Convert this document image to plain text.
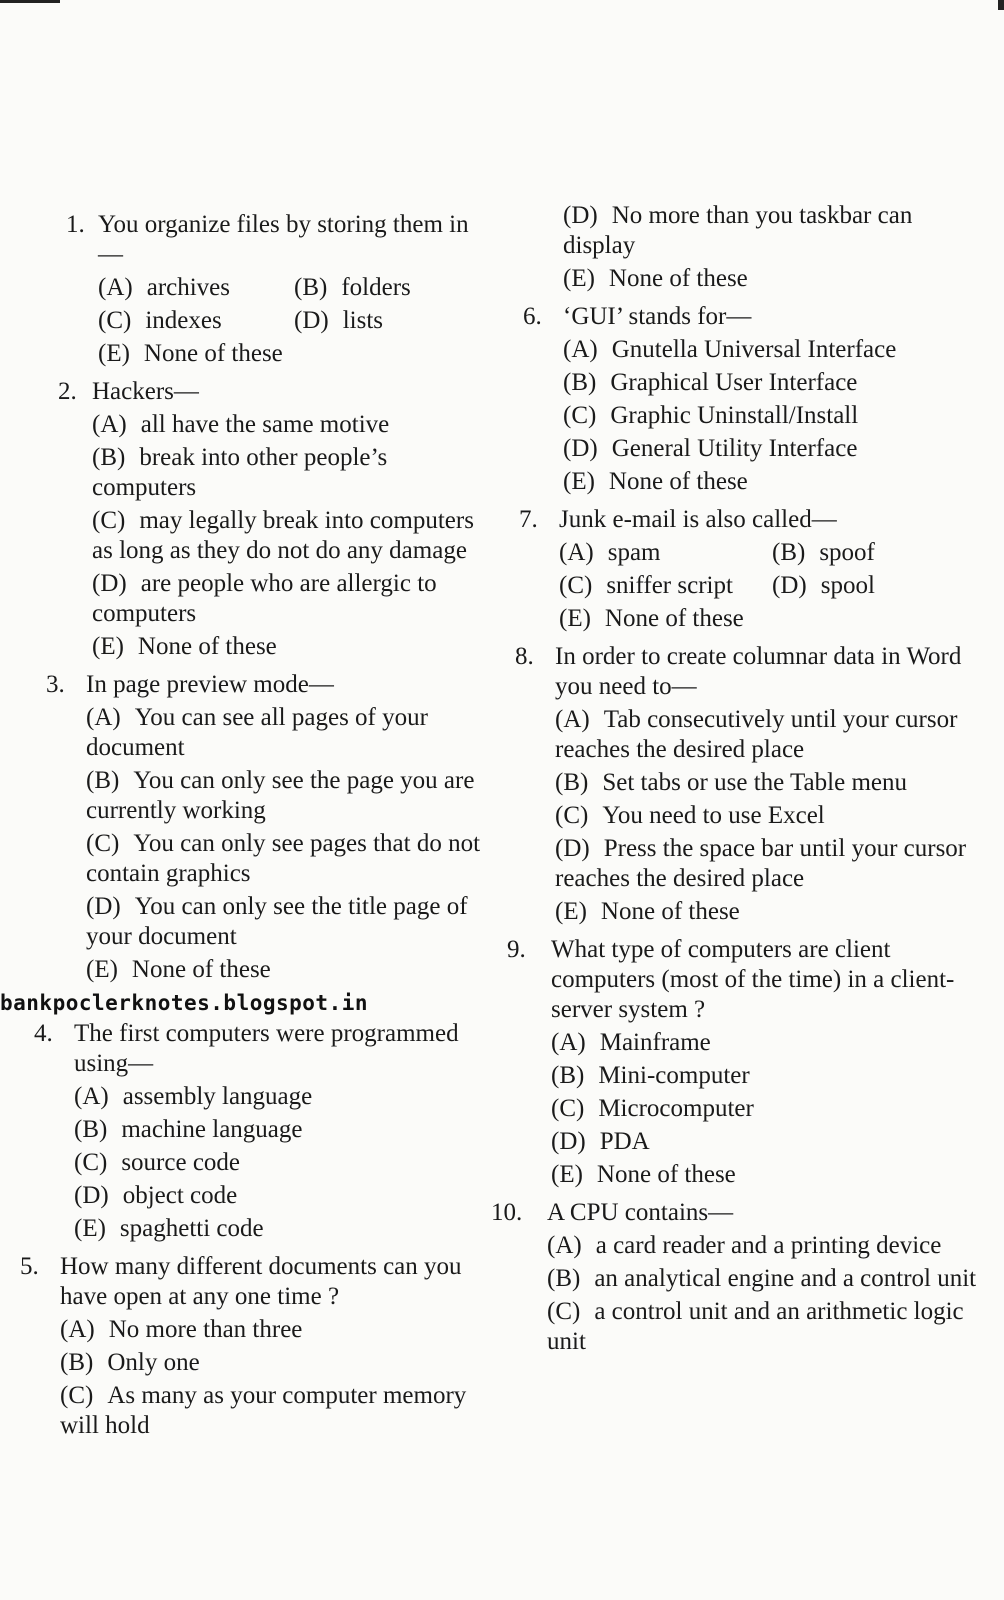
1. You organize files by storing them in—
(A) archives	(B) folders
(C) indexes	(D) lists
(E) None of these
2. Hackers—
(A) all have the same motive
(B) break into other people’s computers
(C) may legally break into computers as long as they do not do any damage
(D) are people who are allergic to computers
(E) None of these
3. In page preview mode—
(A) You can see all pages of your document
(B) You can only see the page you are currently working
(C) You can only see pages that do not contain graphics
(D) You can only see the title page of your document
(E) None of these
4. The first computers were programmed using—
(A) assembly language
(B) machine language
(C) source code
(D) object code
(E) spaghetti code
5. How many different documents can you have open at any one time ?
(A) No more than three
(B) Only one
(C) As many as your computer memory will hold
bankpoclerknotes.blogspot.in
(D) No more than you taskbar can display
(E) None of these
6. ‘GUI’ stands for—
(A) Gnutella Universal Interface
(B) Graphical User Interface
(C) Graphic Uninstall/Install
(D) General Utility Interface
(E) None of these
7. Junk e-mail is also called—
(A) spam	(B) spoof
(C) sniffer script	(D) spool
(E) None of these
8. In order to create columnar data in Word you need to—
(A) Tab consecutively until your cursor reaches the desired place
(B) Set tabs or use the Table menu
(C) You need to use Excel
(D) Press the space bar until your cursor reaches the desired place
(E) None of these
9. What type of computers are client computers (most of the time) in a client-server system ?
(A) Mainframe
(B) Mini-computer
(C) Microcomputer
(D) PDA
(E) None of these
10. A CPU contains—
(A) a card reader and a printing device
(B) an analytical engine and a control unit
(C) a control unit and an arithmetic logic unit
